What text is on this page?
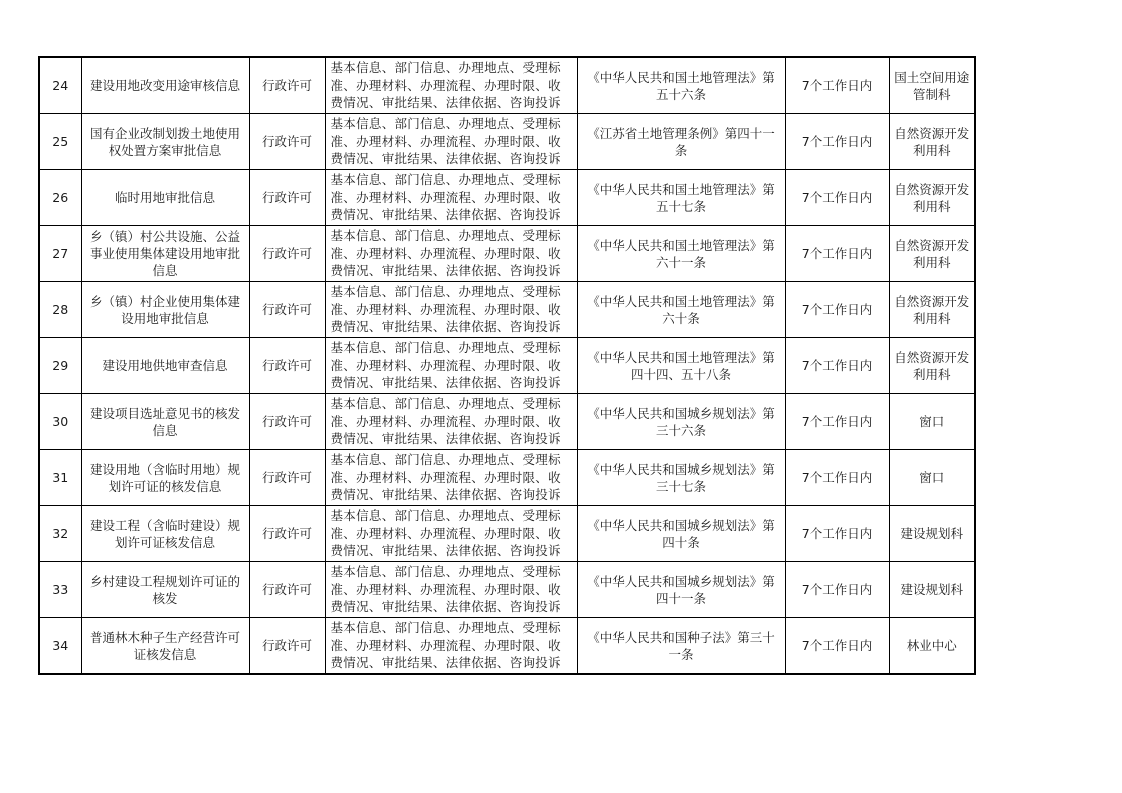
24	建设用地改变用途审核信息	行政许可	基本信息、部门信息、办理地点、受理标准、办理材料、办理流程、办理时限、收费情况、审批结果、法律依据、咨询投诉	《中华人民共和国土地管理法》第五十六条	7个工作日内	国土空间用途管制科

25	国有企业改制划拨土地使用权处置方案审批信息	行政许可	基本信息、部门信息、办理地点、受理标准、办理材料、办理流程、办理时限、收费情况、审批结果、法律依据、咨询投诉	《江苏省土地管理条例》第四十一条	7个工作日内	自然资源开发利用科

26	临时用地审批信息	行政许可	基本信息、部门信息、办理地点、受理标准、办理材料、办理流程、办理时限、收费情况、审批结果、法律依据、咨询投诉	《中华人民共和国土地管理法》第五十七条	7个工作日内	自然资源开发利用科

27	乡（镇）村公共设施、公益事业使用集体建设用地审批信息	行政许可	基本信息、部门信息、办理地点、受理标准、办理材料、办理流程、办理时限、收费情况、审批结果、法律依据、咨询投诉	《中华人民共和国土地管理法》第六十一条	7个工作日内	自然资源开发利用科

28	乡（镇）村企业使用集体建设用地审批信息	行政许可	基本信息、部门信息、办理地点、受理标准、办理材料、办理流程、办理时限、收费情况、审批结果、法律依据、咨询投诉	《中华人民共和国土地管理法》第六十条	7个工作日内	自然资源开发利用科

29	建设用地供地审查信息	行政许可	基本信息、部门信息、办理地点、受理标准、办理材料、办理流程、办理时限、收费情况、审批结果、法律依据、咨询投诉	《中华人民共和国土地管理法》第四十四、五十八条	7个工作日内	自然资源开发利用科

30	建设项目选址意见书的核发信息	行政许可	基本信息、部门信息、办理地点、受理标准、办理材料、办理流程、办理时限、收费情况、审批结果、法律依据、咨询投诉	《中华人民共和国城乡规划法》第三十六条	7个工作日内	窗口

31	建设用地（含临时用地）规划许可证的核发信息	行政许可	基本信息、部门信息、办理地点、受理标准、办理材料、办理流程、办理时限、收费情况、审批结果、法律依据、咨询投诉	《中华人民共和国城乡规划法》第三十七条	7个工作日内	窗口

32	建设工程（含临时建设）规划许可证核发信息	行政许可	基本信息、部门信息、办理地点、受理标准、办理材料、办理流程、办理时限、收费情况、审批结果、法律依据、咨询投诉	《中华人民共和国城乡规划法》第四十条	7个工作日内	建设规划科

33	乡村建设工程规划许可证的核发	行政许可	基本信息、部门信息、办理地点、受理标准、办理材料、办理流程、办理时限、收费情况、审批结果、法律依据、咨询投诉	《中华人民共和国城乡规划法》第四十一条	7个工作日内	建设规划科

34	普通林木种子生产经营许可证核发信息	行政许可	基本信息、部门信息、办理地点、受理标准、办理材料、办理流程、办理时限、收费情况、审批结果、法律依据、咨询投诉	《中华人民共和国种子法》第三十一条	7个工作日内	林业中心
